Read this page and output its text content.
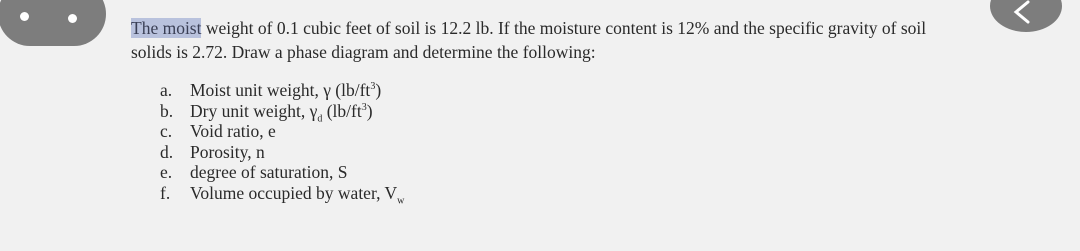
The moist weight of 0.1 cubic feet of soil is 12.2 lb. If the moisture content is 12% and the specific gravity of soil solids is 2.72. Draw a phase diagram and determine the following:
a.	Moist unit weight, γ $(lb/ft^3)$
b. Dry unit weight, $\gamma_d$ $(lb/ft^3)$
c.	Void ratio, e
d. Porosity, n
e.	degree of saturation, S
f.	Volume occupied by water, $V_w$
